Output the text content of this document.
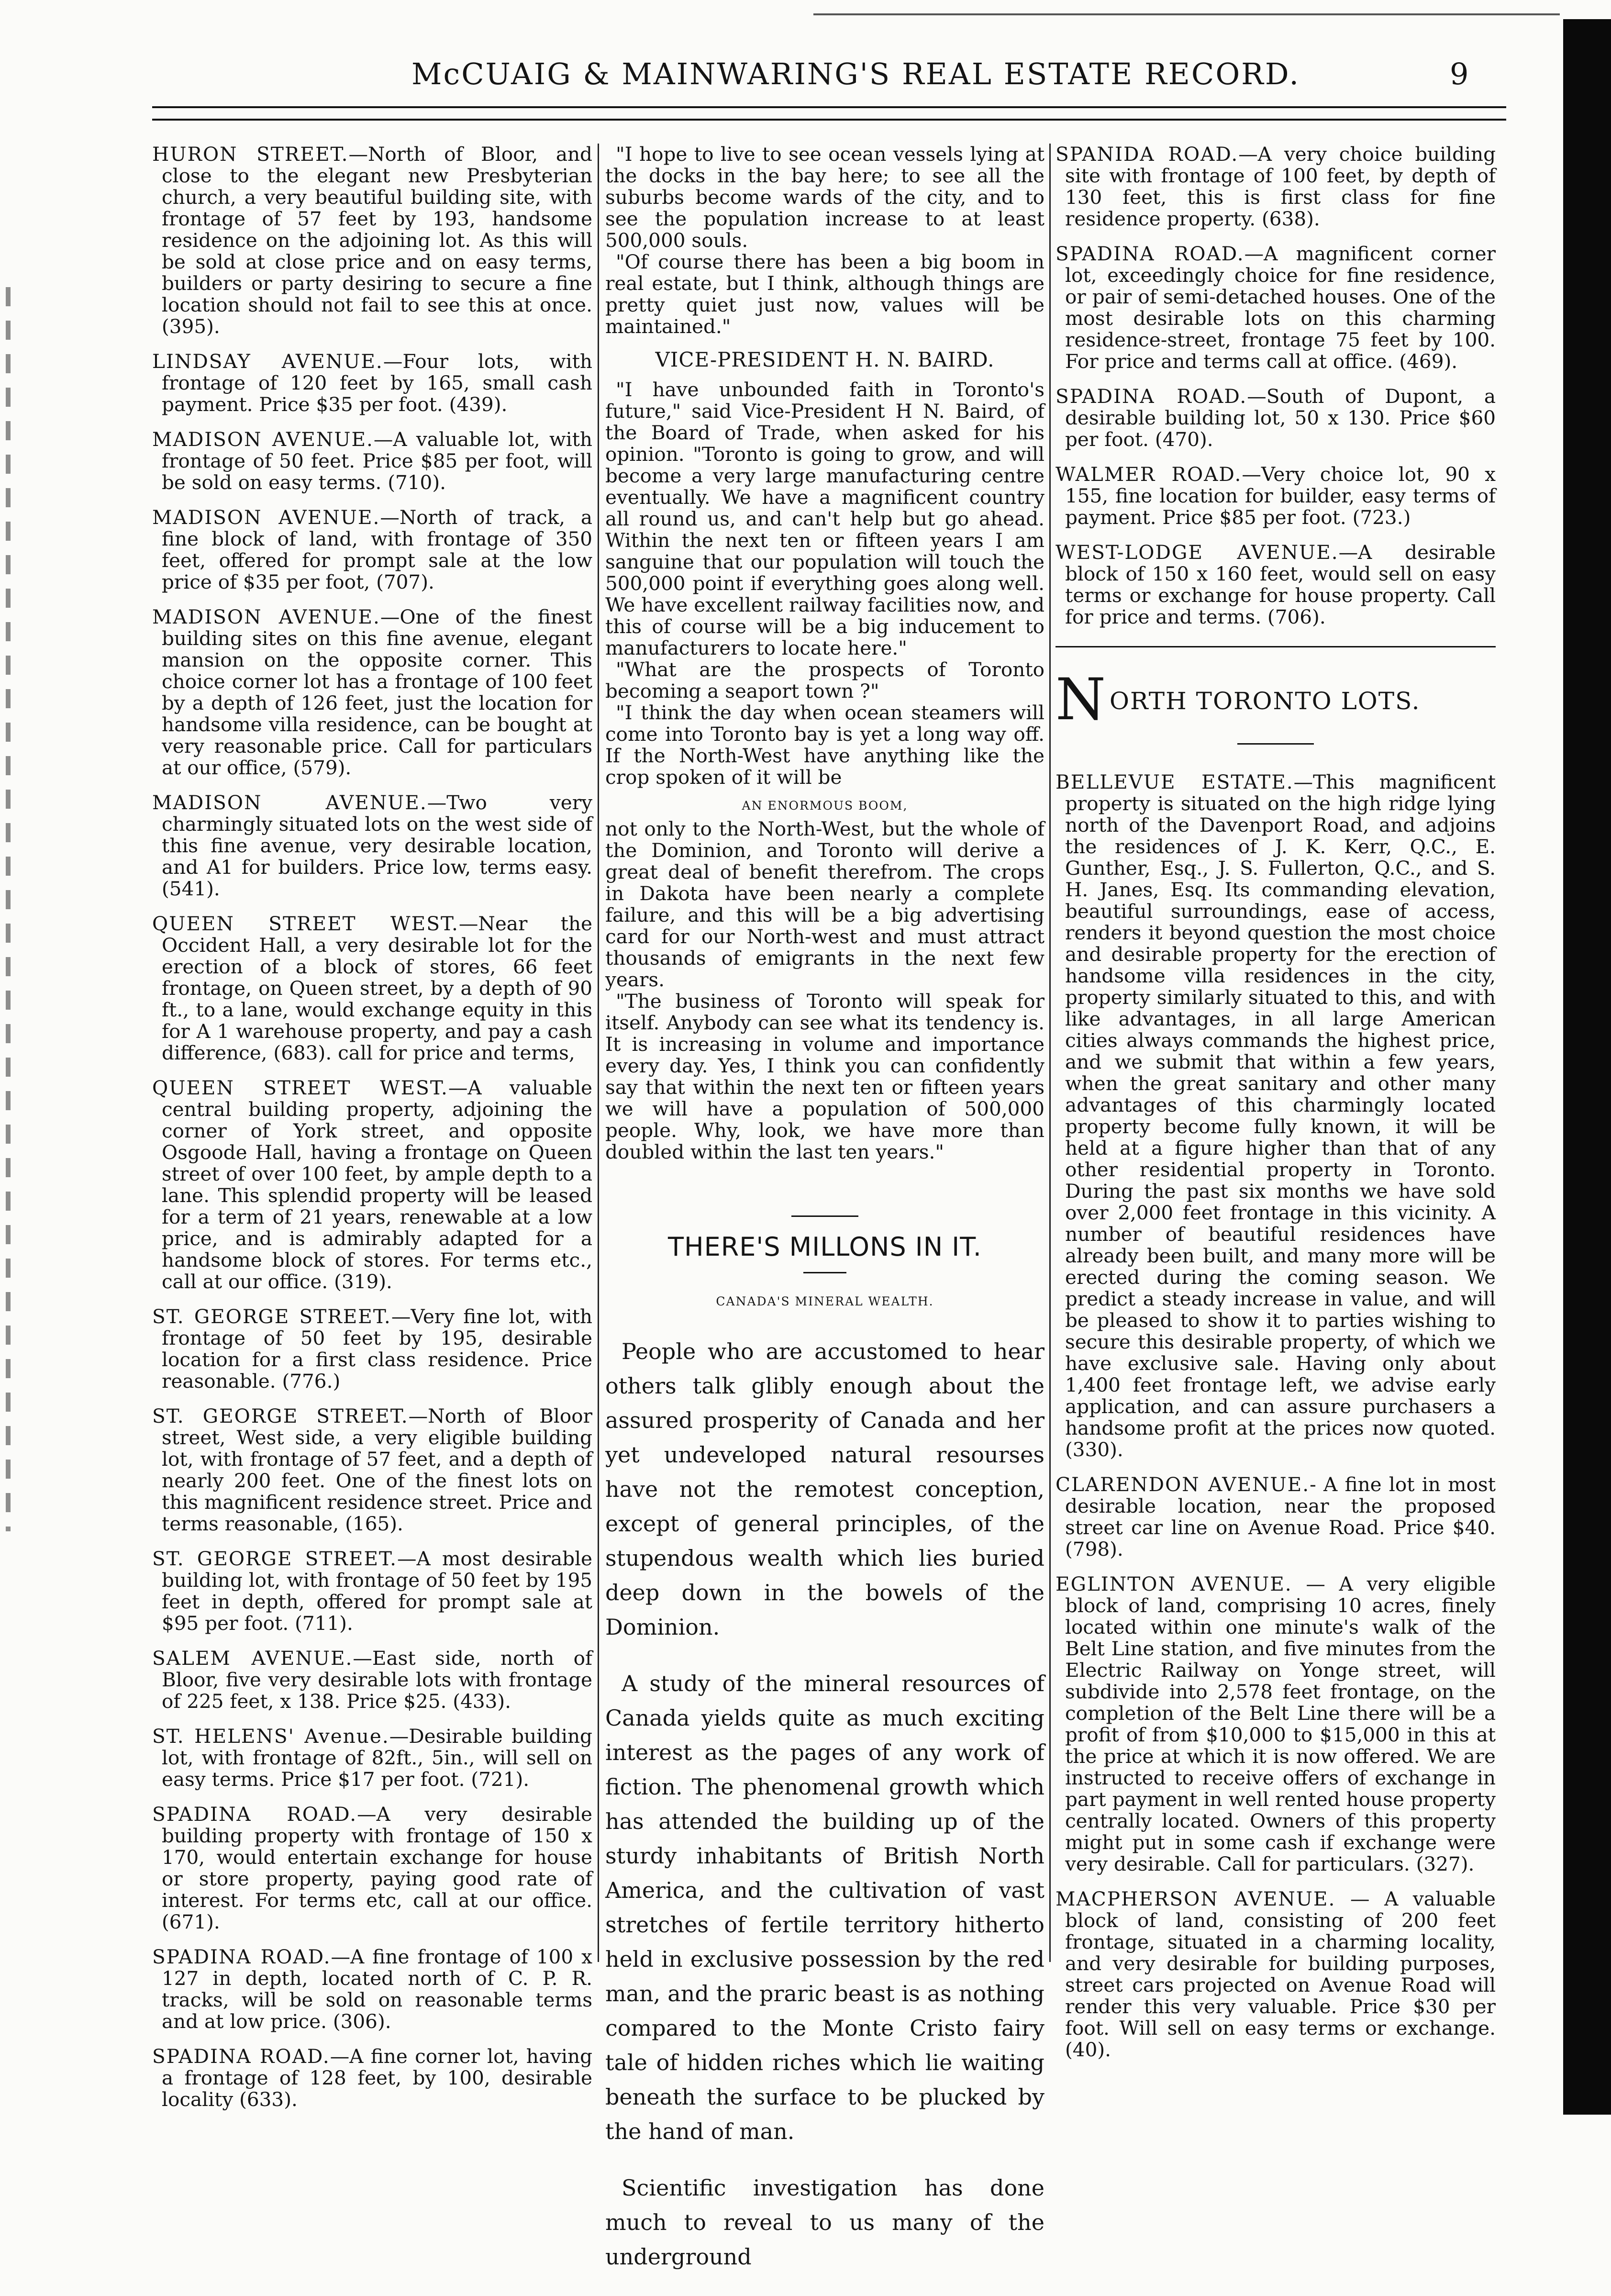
McCUAIG & MAINWARING'S REAL ESTATE RECORD.	9

HURON STREET.—North of Bloor, and close to the elegant new Presbyterian church, a very beautiful building site, with frontage of 57 feet by 193, handsome residence on the adjoining lot. As this will be sold at close price and on easy terms, builders or party desiring to secure a fine location should not fail to see this at once. (395).

LINDSAY AVENUE.—Four lots, with frontage of 120 feet by 165, small cash payment. Price $35 per foot. (439).

MADISON AVENUE.—A valuable lot, with frontage of 50 feet. Price $85 per foot, will be sold on easy terms. (710).

MADISON AVENUE.—North of track, a fine block of land, with frontage of 350 feet, offered for prompt sale at the low price of $35 per foot, (707).

MADISON AVENUE.—One of the finest building sites on this fine avenue, elegant mansion on the opposite corner. This choice corner lot has a frontage of 100 feet by a depth of 126 feet, just the location for handsome villa residence, can be bought at very reasonable price. Call for particulars at our office, (579).

MADISON AVENUE.—Two very charmingly situated lots on the west side of this fine avenue, very desirable location, and A1 for builders. Price low, terms easy. (541).

QUEEN STREET WEST.—Near the Occident Hall, a very desirable lot for the erection of a block of stores, 66 feet frontage, on Queen street, by a depth of 90 ft., to a lane, would exchange equity in this for A 1 warehouse property, and pay a cash difference, (683). call for price and terms,

QUEEN STREET WEST.—A valuable central building property, adjoining the corner of York street, and opposite Osgoode Hall, having a frontage on Queen street of over 100 feet, by ample depth to a lane. This splendid property will be leased for a term of 21 years, renewable at a low price, and is admirably adapted for a handsome block of stores. For terms etc., call at our office. (319).

ST. GEORGE STREET.—Very fine lot, with frontage of 50 feet by 195, desirable location for a first class residence. Price reasonable. (776.)

ST. GEORGE STREET.—North of Bloor street, West side, a very eligible building lot, with frontage of 57 feet, and a depth of nearly 200 feet. One of the finest lots on this magnificent residence street. Price and terms reasonable, (165).

ST. GEORGE STREET.—A most desirable building lot, with frontage of 50 feet by 195 feet in depth, offered for prompt sale at $95 per foot. (711).

SALEM AVENUE.—East side, north of Bloor, five very desirable lots with frontage of 225 feet, x 138. Price $25. (433).

ST. HELENS' Avenue.—Desirable building lot, with frontage of 82ft., 5in., will sell on easy terms. Price $17 per foot. (721).

SPADINA ROAD.—A very desirable building property with frontage of 150 x 170, would entertain exchange for house or store property, paying good rate of interest. For terms etc, call at our office. (671).

SPADINA ROAD.—A fine frontage of 100 x 127 in depth, located north of C. P. R. tracks, will be sold on reasonable terms and at low price. (306).

SPADINA ROAD.—A fine corner lot, having a frontage of 128 feet, by 100, desirable locality (633).

"I hope to live to see ocean vessels lying at the docks in the bay here; to see all the suburbs become wards of the city, and to see the population increase to at least 500,000 souls.

"Of course there has been a big boom in real estate, but I think, although things are pretty quiet just now, values will be maintained."

VICE-PRESIDENT H. N. BAIRD.

"I have unbounded faith in Toronto's future," said Vice-President H N. Baird, of the Board of Trade, when asked for his opinion. "Toronto is going to grow, and will become a very large manufacturing centre eventually. We have a magnificent country all round us, and can't help but go ahead. Within the next ten or fifteen years I am sanguine that our population will touch the 500,000 point if everything goes along well. We have excellent railway facilities now, and this of course will be a big inducement to manufacturers to locate here."

"What are the prospects of Toronto becoming a seaport town ?"

"I think the day when ocean steamers will come into Toronto bay is yet a long way off. If the North-West have anything like the crop spoken of it will be

AN ENORMOUS BOOM,

not only to the North-West, but the whole of the Dominion, and Toronto will derive a great deal of benefit therefrom. The crops in Dakota have been nearly a complete failure, and this will be a big advertising card for our North-west and must attract thousands of emigrants in the next few years.

"The business of Toronto will speak for itself. Anybody can see what its tendency is. It is increasing in volume and importance every day. Yes, I think you can confidently say that within the next ten or fifteen years we will have a population of 500,000 people. Why, look, we have more than doubled within the last ten years."

THERE'S MILLONS IN IT.
CANADA'S MINERAL WEALTH.

People who are accustomed to hear others talk glibly enough about the assured prosperity of Canada and her yet undeveloped natural resourses have not the remotest conception, except of general principles, of the stupendous wealth which lies buried deep down in the bowels of the Dominion.

A study of the mineral resources of Canada yields quite as much exciting interest as the pages of any work of fiction. The phenomenal growth which has attended the building up of the sturdy inhabitants of British North America, and the cultivation of vast stretches of fertile territory hitherto held in exclusive possession by the red man, and the praric beast is as nothing compared to the Monte Cristo fairy tale of hidden riches which lie waiting beneath the surface to be plucked by the hand of man.

Scientific investigation has done much to reveal to us many of the underground

SPANIDA ROAD.—A very choice building site with frontage of 100 feet, by depth of 130 feet, this is first class for fine residence property. (638).

SPADINA ROAD.—A magnificent corner lot, exceedingly choice for fine residence, or pair of semi-detached houses. One of the most desirable lots on this charming residence-street, frontage 75 feet by 100. For price and terms call at office. (469).

SPADINA ROAD.—South of Dupont, a desirable building lot, 50 x 130. Price $60 per foot. (470).

WALMER ROAD.—Very choice lot, 90 x 155, fine location for builder, easy terms of payment. Price $85 per foot. (723.)

WEST-LODGE AVENUE.—A desirable block of 150 x 160 feet, would sell on easy terms or exchange for house property. Call for price and terms. (706).

N ORTH TORONTO LOTS.

BELLEVUE ESTATE.—This magnificent property is situated on the high ridge lying north of the Davenport Road, and adjoins the residences of J. K. Kerr, Q.C., E. Gunther, Esq., J. S. Fullerton, Q.C., and S. H. Janes, Esq. Its commanding elevation, beautiful surroundings, ease of access, renders it beyond question the most choice and desirable property for the erection of handsome villa residences in the city, property similarly situated to this, and with like advantages, in all large American cities always commands the highest price, and we submit that within a few years, when the great sanitary and other many advantages of this charmingly located property become fully known, it will be held at a figure higher than that of any other residential property in Toronto. During the past six months we have sold over 2,000 feet frontage in this vicinity. A number of beautiful residences have already been built, and many more will be erected during the coming season. We predict a steady increase in value, and will be pleased to show it to parties wishing to secure this desirable property, of which we have exclusive sale. Having only about 1,400 feet frontage left, we advise early application, and can assure purchasers a handsome profit at the prices now quoted. (330).

CLARENDON AVENUE.- A fine lot in most desirable location, near the proposed street car line on Avenue Road. Price $40. (798).

EGLINTON AVENUE. — A very eligible block of land, comprising 10 acres, finely located within one minute's walk of the Belt Line station, and five minutes from the Electric Railway on Yonge street, will subdivide into 2,578 feet frontage, on the completion of the Belt Line there will be a profit of from $10,000 to $15,000 in this at the price at which it is now offered. We are instructed to receive offers of exchange in part payment in well rented house property centrally located. Owners of this property might put in some cash if exchange were very desirable. Call for particulars. (327).

MACPHERSON AVENUE. — A valuable block of land, consisting of 200 feet frontage, situated in a charming locality, and very desirable for building purposes, street cars projected on Avenue Road will render this very valuable. Price $30 per foot. Will sell on easy terms or exchange. (40).
